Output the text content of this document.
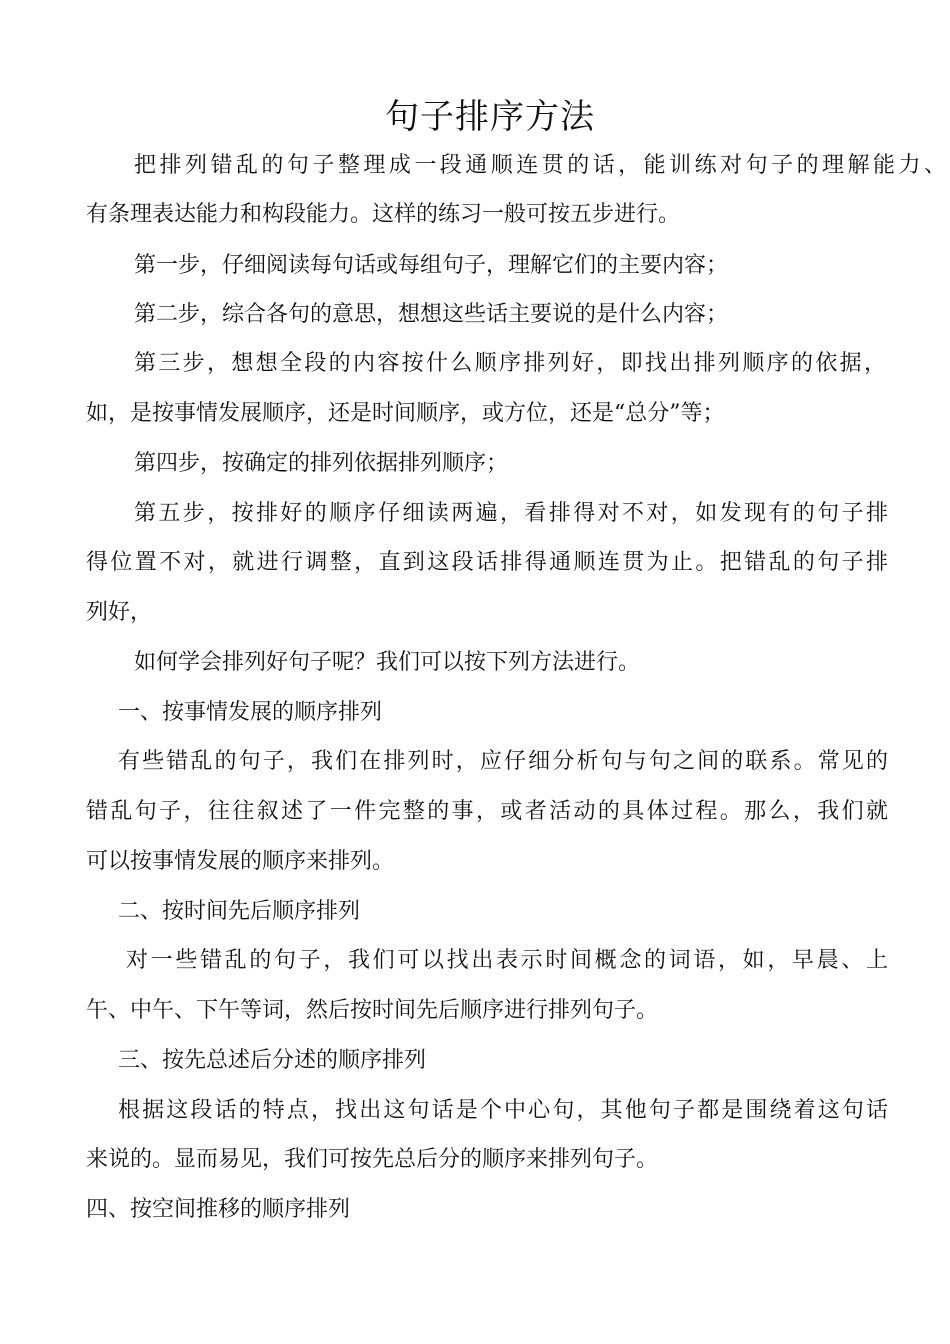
句子排序方法
把排列错乱的句子整理成一段通顺连贯的话，能训练对句子的理解能力、
有条理表达能力和构段能力。这样的练习一般可按五步进行。
第一步，仔细阅读每句话或每组句子，理解它们的主要内容；
第二步，综合各句的意思，想想这些话主要说的是什么内容；
第三步，想想全段的内容按什么顺序排列好，即找出排列顺序的依据，
如，是按事情发展顺序，还是时间顺序，或方位，还是“总分”等；
第四步，按确定的排列依据排列顺序；
第五步，按排好的顺序仔细读两遍，看排得对不对，如发现有的句子排
得位置不对，就进行调整，直到这段话排得通顺连贯为止。把错乱的句子排
列好，
如何学会排列好句子呢？我们可以按下列方法进行。
一、按事情发展的顺序排列
有些错乱的句子，我们在排列时，应仔细分析句与句之间的联系。常见的
错乱句子，往往叙述了一件完整的事，或者活动的具体过程。那么，我们就
可以按事情发展的顺序来排列。
二、按时间先后顺序排列
对一些错乱的句子，我们可以找出表示时间概念的词语，如，早晨、上
午、中午、下午等词，然后按时间先后顺序进行排列句子。
三、按先总述后分述的顺序排列
根据这段话的特点，找出这句话是个中心句，其他句子都是围绕着这句话
来说的。显而易见，我们可按先总后分的顺序来排列句子。
四、按空间推移的顺序排列
